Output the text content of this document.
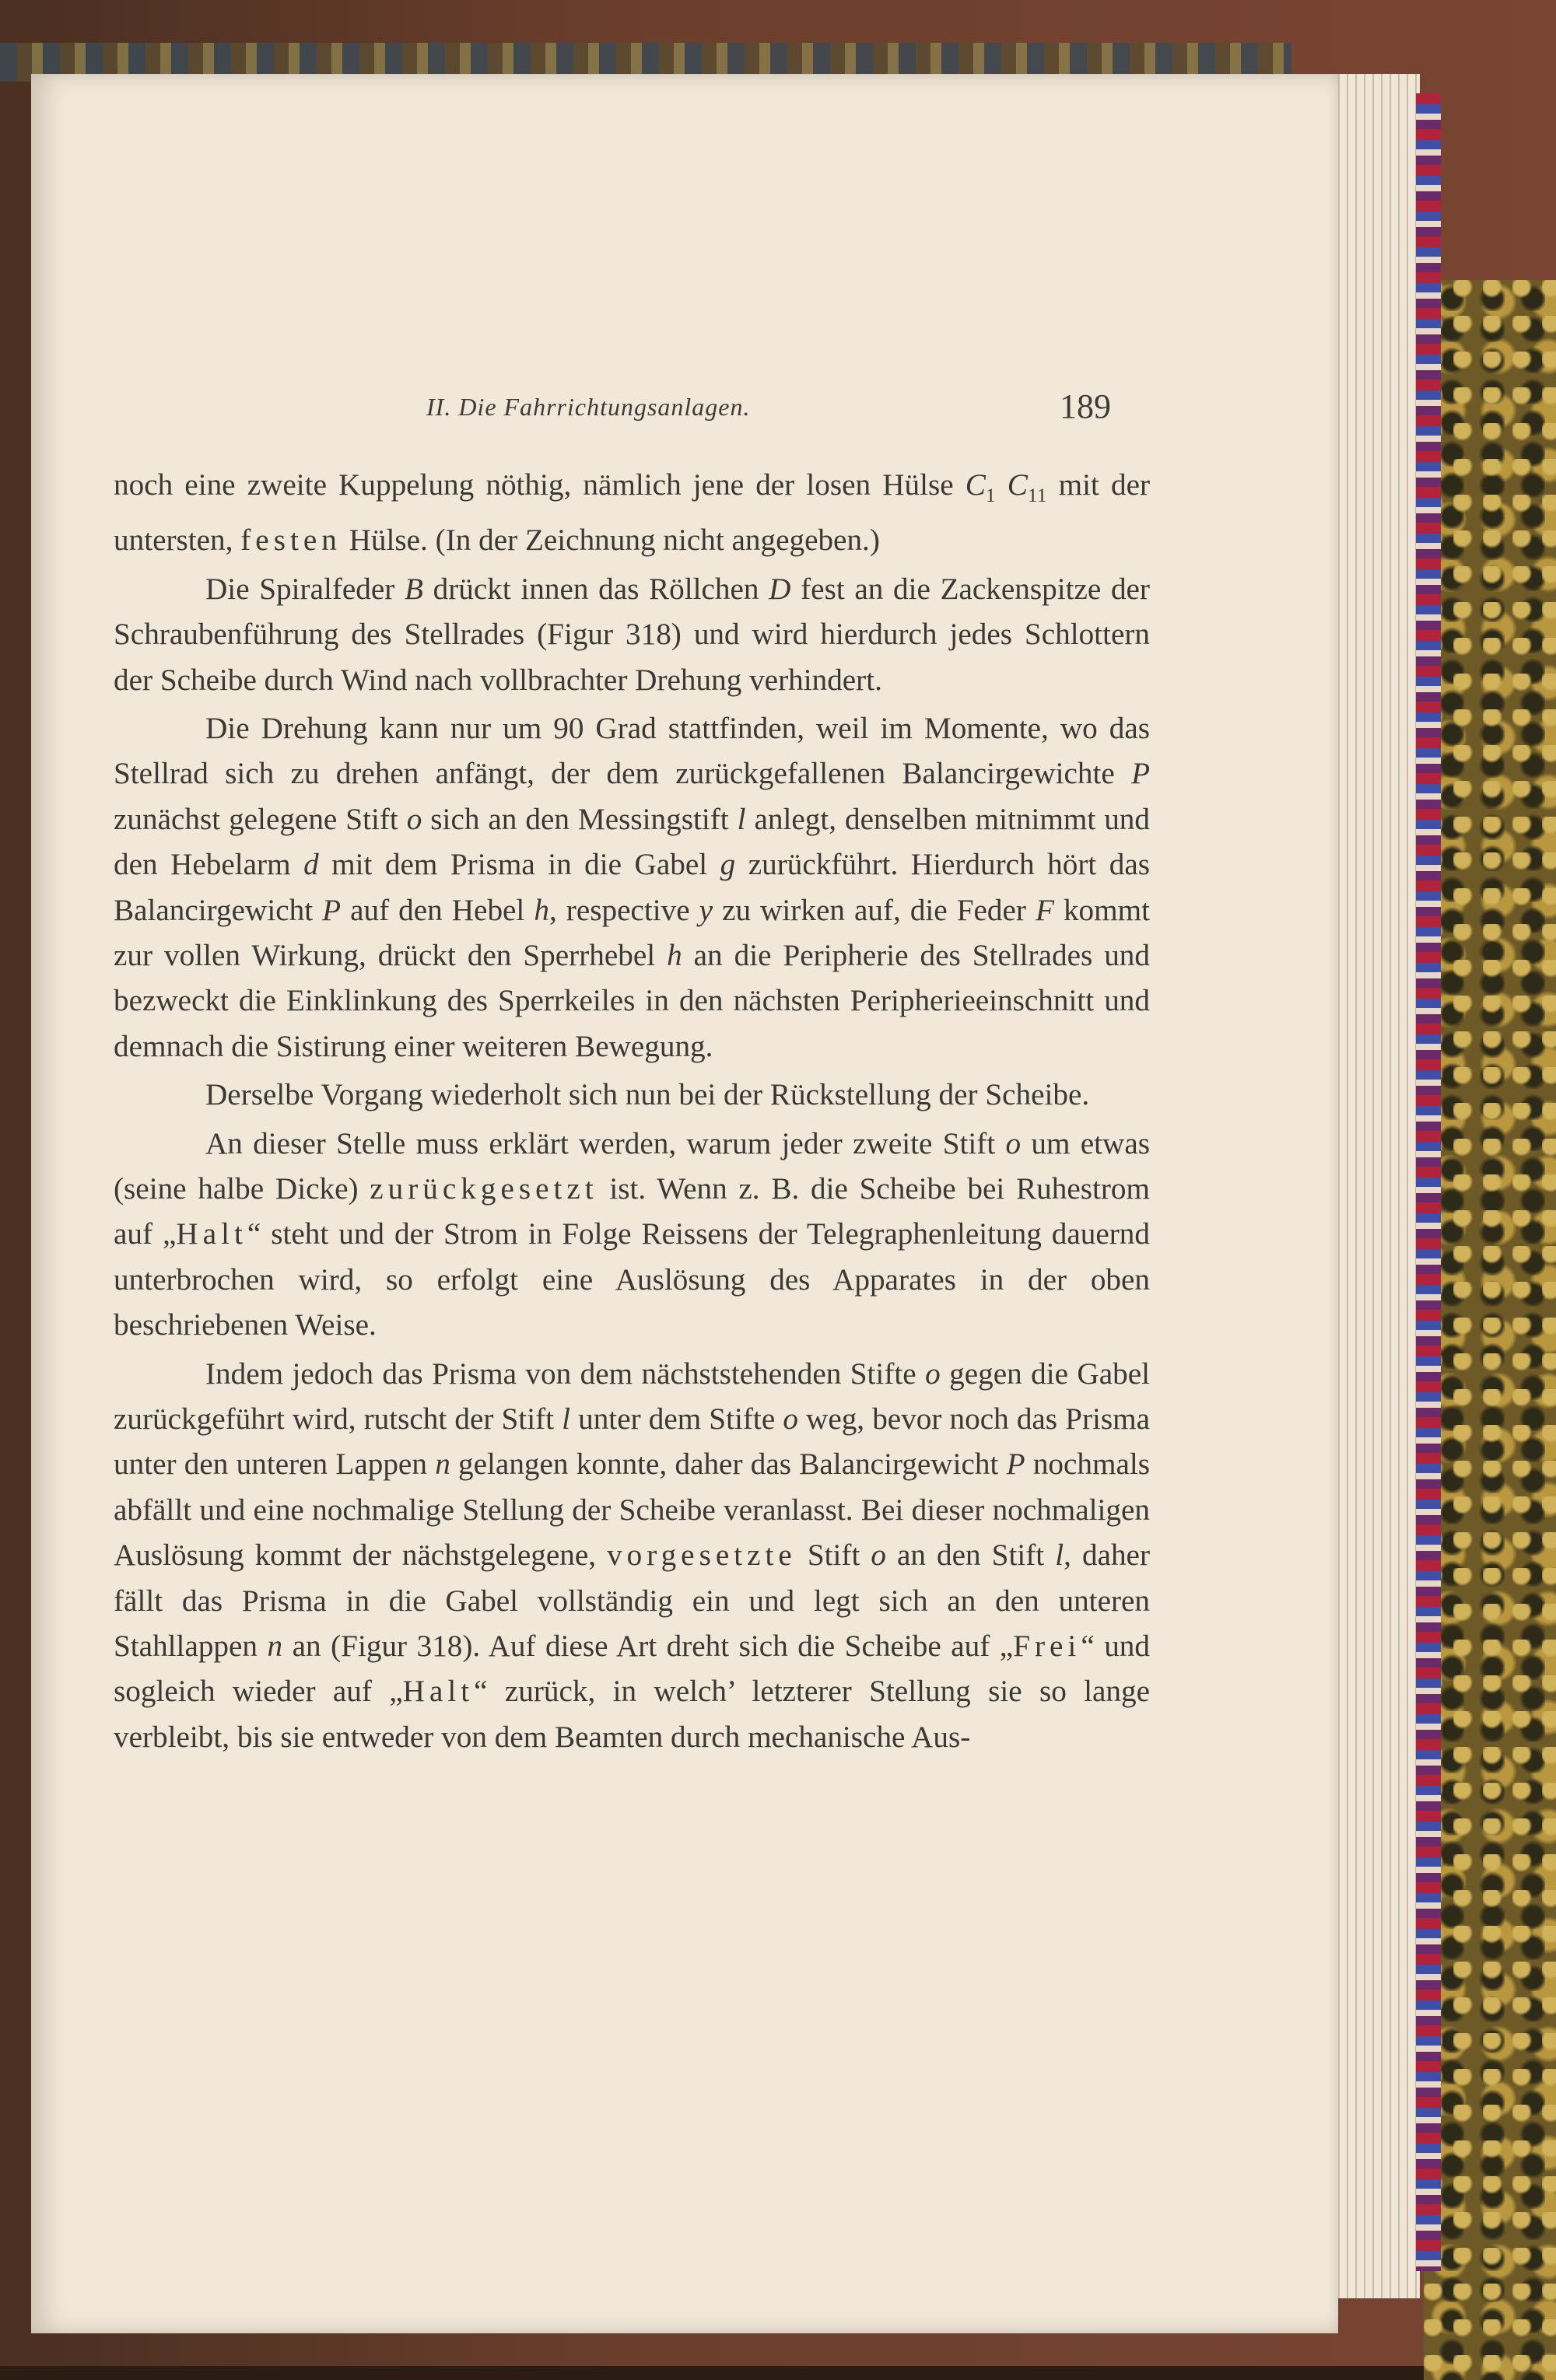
II. Die Fahrrichtungsanlagen.	189

noch eine zweite Kuppelung nöthig, nämlich jene der losen Hülse $C_1$ $C_{11}$ mit der untersten, festen Hülse. (In der Zeichnung nicht angegeben.)

Die Spiralfeder B drückt innen das Röllchen D fest an die Zackenspitze der Schraubenführung des Stellrades (Figur 318) und wird hierdurch jedes Schlottern der Scheibe durch Wind nach vollbrachter Drehung verhindert.

Die Drehung kann nur um 90 Grad stattfinden, weil im Momente, wo das Stellrad sich zu drehen anfängt, der dem zurückgefallenen Balancirgewichte P zunächst gelegene Stift o sich an den Messingstift l anlegt, denselben mitnimmt und den Hebelarm d mit dem Prisma in die Gabel g zurückführt. Hierdurch hört das Balancirgewicht P auf den Hebel h, respective y zu wirken auf, die Feder F kommt zur vollen Wirkung, drückt den Sperrhebel h an die Peripherie des Stellrades und bezweckt die Einklinkung des Sperrkeiles in den nächsten Peripherieeinschnitt und demnach die Sistirung einer weiteren Bewegung.

Derselbe Vorgang wiederholt sich nun bei der Rückstellung der Scheibe.

An dieser Stelle muss erklärt werden, warum jeder zweite Stift o um etwas (seine halbe Dicke) zurückgesetzt ist. Wenn z. B. die Scheibe bei Ruhestrom auf „Halt“ steht und der Strom in Folge Reissens der Telegraphenleitung dauernd unterbrochen wird, so erfolgt eine Auslösung des Apparates in der oben beschriebenen Weise.

Indem jedoch das Prisma von dem nächststehenden Stifte o gegen die Gabel zurückgeführt wird, rutscht der Stift l unter dem Stifte o weg, bevor noch das Prisma unter den unteren Lappen n gelangen konnte, daher das Balancirgewicht P nochmals abfällt und eine nochmalige Stellung der Scheibe veranlasst. Bei dieser nochmaligen Auslösung kommt der nächstgelegene, vorgesetzte Stift o an den Stift l, daher fällt das Prisma in die Gabel vollständig ein und legt sich an den unteren Stahllappen n an (Figur 318). Auf diese Art dreht sich die Scheibe auf „Frei“ und sogleich wieder auf „Halt“ zurück, in welch’ letzterer Stellung sie so lange verbleibt, bis sie entweder von dem Beamten durch mechanische Aus-
